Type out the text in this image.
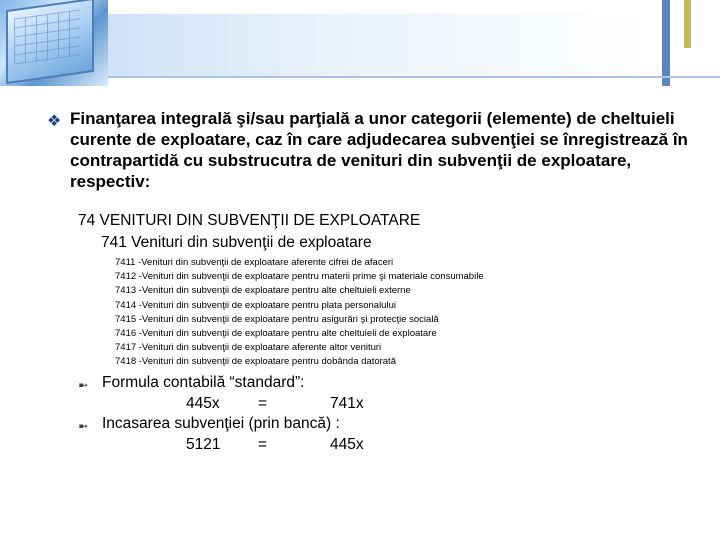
❖ Finanţarea integrală şi/sau parţială a unor categorii (elemente) de cheltuieli curente de exploatare, caz în care adjudecarea subvenţiei se înregistrează în contrapartidă cu substrucutra de venituri din subvenţii de exploatare, respectiv:
74 VENITURI DIN SUBVENŢII DE EXPLOATARE
741 Venituri din subvenţii de exploatare
7411 -Venituri din subvenţii de exploatare aferente cifrei de afaceri
7412 -Venituri din subvenţii de exploatare pentru materii prime şi materiale consumabile
7413 -Venituri din subvenţii de exploatare pentru alte cheltuieli externe
7414 -Venituri din subvenţii de exploatare pentru plata personalului
7415 -Venituri din subvenţii de exploatare pentru asigurări şi protecţie socială
7416 -Venituri din subvenţii de exploatare pentru alte cheltuieli de exploatare
7417 -Venituri din subvenţii de exploatare aferente altor venituri
7418 -Venituri din subvenţii de exploatare pentru dobânda datorată
➼ Formula contabilă “standard”:
445x =	741x
➼ Incasarea subvenţiei (prin bancă) :
5121 =	445x
